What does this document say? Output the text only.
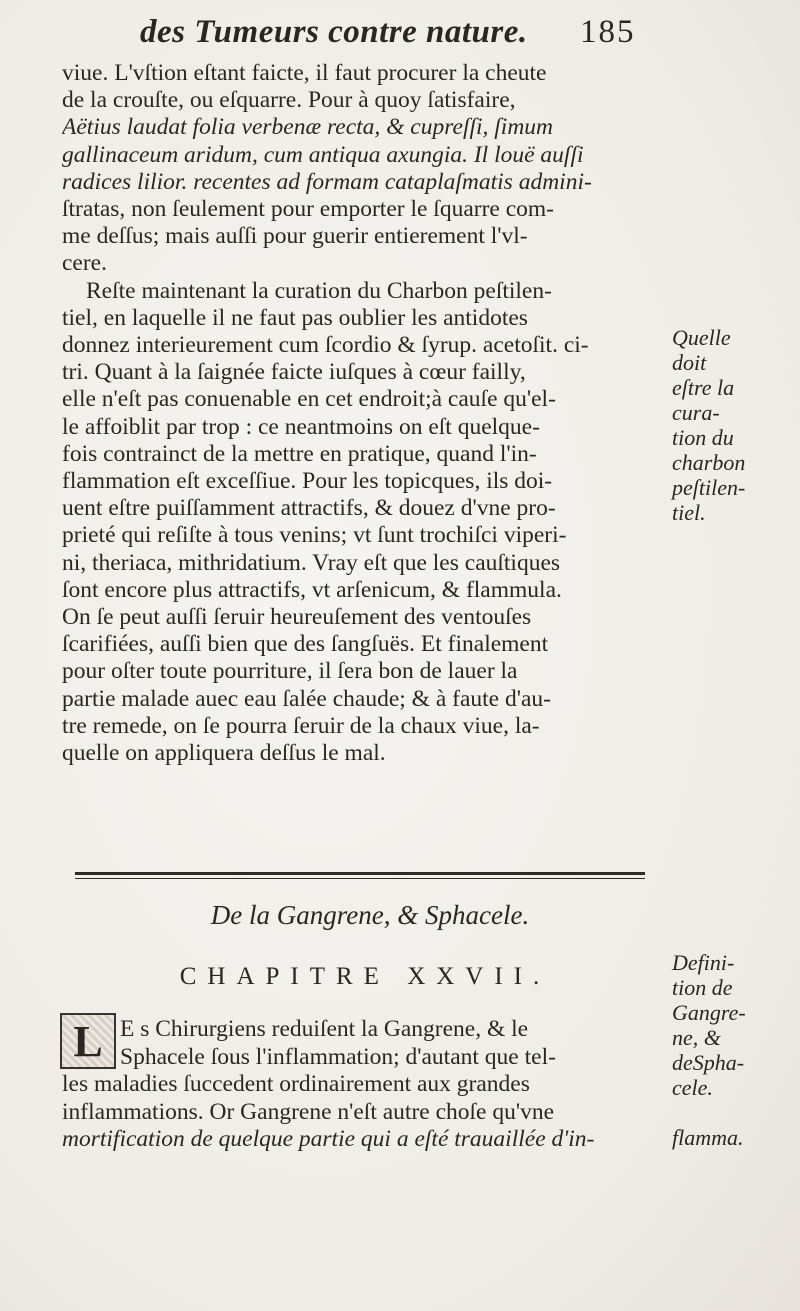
des Tumeurs contre nature. 185
viue. L'vſtion eſtant faicte, il faut procurer la cheute
de la crouſte, ou eſquarre. Pour à quoy ſatisfaire,
Aëtius laudat folia verbenæ recta, & cupreſſi, ſimum
gallinaceum aridum, cum antiqua axungia. Il louë auſſi
radices lilior. recentes ad formam cataplaſmatis admini-
ſtratas, non ſeulement pour emporter le ſquarre com-
me deſſus; mais auſſi pour guerir entierement l'vl-
cere.
Reſte maintenant la curation du Charbon peſtilen-
tiel, en laquelle il ne faut pas oublier les antidotes
donnez interieurement cum ſcordio & ſyrup. acetoſit. ci-
tri. Quant à la ſaignée faicte iuſques à cœur failly,
elle n'eſt pas conuenable en cet endroit;à cauſe qu'el-
le affoiblit par trop : ce neantmoins on eſt quelque-
fois contrainct de la mettre en pratique, quand l'in-
flammation eſt exceſſiue. Pour les topicques, ils doi-
uent eſtre puiſſamment attractifs, & douez d'vne pro-
prieté qui reſiſte à tous venins; vt ſunt trochiſci viperi-
ni, theriaca, mithridatium. Vray eſt que les cauſtiques
ſont encore plus attractifs, vt arſenicum, & flammula.
On ſe peut auſſi ſeruir heureuſement des ventouſes
ſcarifiées, auſſi bien que des ſangſuës. Et finalement
pour oſter toute pourriture, il ſera bon de lauer la
partie malade auec eau ſalée chaude; & à faute d'au-
tre remede, on ſe pourra ſeruir de la chaux viue, la-
quelle on appliquera deſſus le mal.
Quelle
doit
eſtre la
cura-
tion du
charbon
peſtilen-
tiel.
De la Gangrene, & Sphacele.
CHAPITRE XXVII.
L E s Chirurgiens reduiſent la Gangrene, & le
Sphacele ſous l'inflammation; d'autant que tel-
les maladies ſuccedent ordinairement aux grandes
inflammations. Or Gangrene n'eſt autre choſe qu'vne
mortification de quelque partie qui a eſté trauaillée d'in-
Defini-
tion de
Gangre-
ne, &
deSpha-
cele.

flamma.
